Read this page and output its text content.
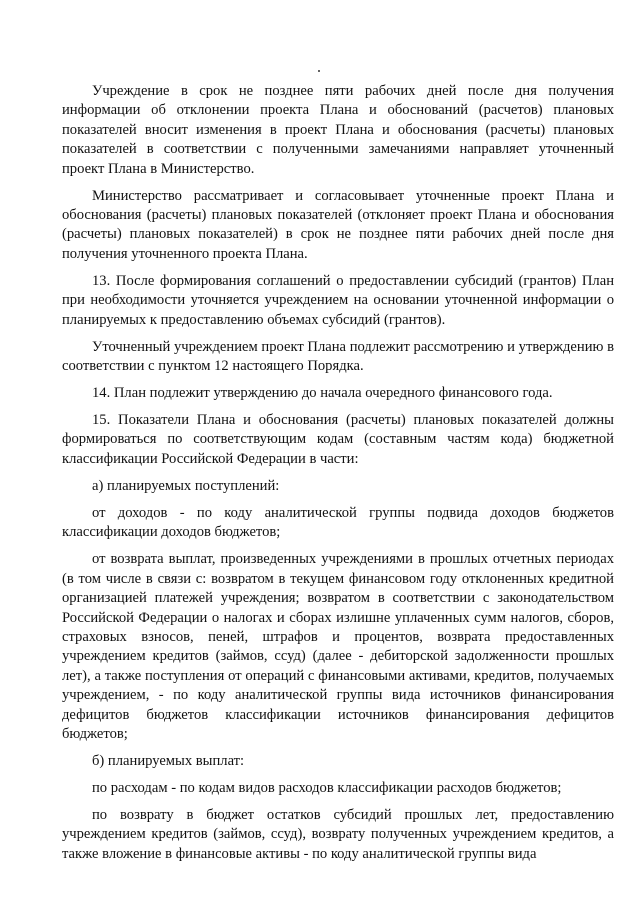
Учреждение в срок не позднее пяти рабочих дней после дня получения информации об отклонении проекта Плана и обоснований (расчетов) плановых показателей вносит изменения в проект Плана и обоснования (расчеты) плановых показателей в соответствии с полученными замечаниями направляет уточненный проект Плана в Министерство.

Министерство рассматривает и согласовывает уточненные проект Плана и обоснования (расчеты) плановых показателей (отклоняет проект Плана и обоснования (расчеты) плановых показателей) в срок не позднее пяти рабочих дней после дня получения уточненного проекта Плана.

13. После формирования соглашений о предоставлении субсидий (грантов) План при необходимости уточняется учреждением на основании уточненной информации о планируемых к предоставлению объемах субсидий (грантов).

Уточненный учреждением проект Плана подлежит рассмотрению и утверждению в соответствии с пунктом 12 настоящего Порядка.

14. План подлежит утверждению до начала очередного финансового года.

15. Показатели Плана и обоснования (расчеты) плановых показателей должны формироваться по соответствующим кодам (составным частям кода) бюджетной классификации Российской Федерации в части:

а) планируемых поступлений:

от доходов - по коду аналитической группы подвида доходов бюджетов классификации доходов бюджетов;

от возврата выплат, произведенных учреждениями в прошлых отчетных периодах (в том числе в связи с: возвратом в текущем финансовом году отклоненных кредитной организацией платежей учреждения; возвратом в соответствии с законодательством Российской Федерации о налогах и сборах излишне уплаченных сумм налогов, сборов, страховых взносов, пеней, штрафов и процентов, возврата предоставленных учреждением кредитов (займов, ссуд) (далее - дебиторской задолженности прошлых лет), а также поступления от операций с финансовыми активами, кредитов, получаемых учреждением, - по коду аналитической группы вида источников финансирования дефицитов бюджетов классификации источников финансирования дефицитов бюджетов;

б) планируемых выплат:

по расходам - по кодам видов расходов классификации расходов бюджетов;

по возврату в бюджет остатков субсидий прошлых лет, предоставлению учреждением кредитов (займов, ссуд), возврату полученных учреждением кредитов, а также вложение в финансовые активы - по коду аналитической группы вида
